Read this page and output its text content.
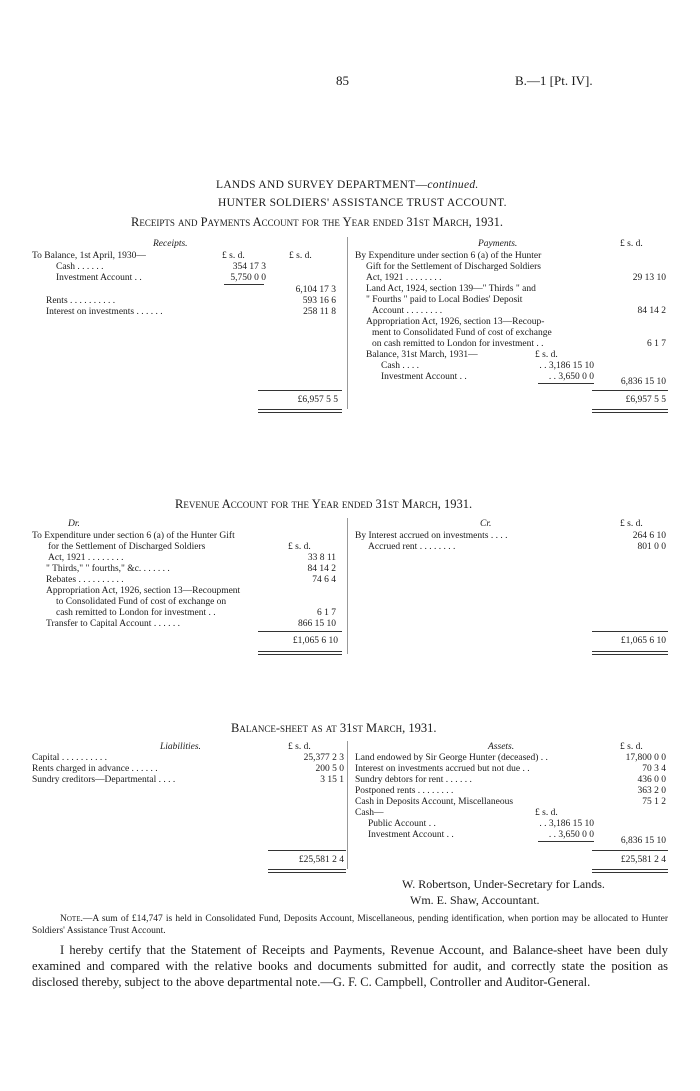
85	B.—1 [Pt. IV].
LANDS AND SURVEY DEPARTMENT—continued.
HUNTER SOLDIERS' ASSISTANCE TRUST ACCOUNT.
Receipts and Payments Account for the Year ended 31st March, 1931.
Receipts.
£ s. d.	£ s. d.
To Balance, 1st April, 1930—
Cash . . . . . .	354 17 3
Investment Account . .	5,750 0 0
6,104 17 3
Rents . . . . . . . . . .	593 16 6
Interest on investments . . . . . .	258 11 8
£6,957 5 5
Payments.	£ s. d.
By Expenditure under section 6 (a) of the Hunter
Gift for the Settlement of Discharged Soldiers
Act, 1921 . . . . . . . .	29 13 10
Land Act, 1924, section 139—" Thirds " and
" Fourths " paid to Local Bodies' Deposit
Account . . . . . . . .	84 14 2
Appropriation Act, 1926, section 13—Recoup-
ment to Consolidated Fund of cost of exchange
on cash remitted to London for investment . .	6 1 7
Balance, 31st March, 1931—	£ s. d.
Cash . . . .	. . 3,186 15 10
Investment Account . .	. . 3,650 0 0	6,836 15 10
£6,957 5 5
Revenue Account for the Year ended 31st March, 1931.
Dr.
To Expenditure under section 6 (a) of the Hunter Gift
for the Settlement of Discharged Soldiers	£ s. d.
Act, 1921 . . . . . . . .	33 8 11
" Thirds," " fourths," &c. . . . . . .	84 14 2
Rebates . . . . . . . . . .	74 6 4
Appropriation Act, 1926, section 13—Recoupment
to Consolidated Fund of cost of exchange on
cash remitted to London for investment . .	6 1 7
Transfer to Capital Account . . . . . .	866 15 10
£1,065 6 10
Cr.	£ s. d.
By Interest accrued on investments . . . .	264 6 10
Accrued rent . . . . . . . .	801 0 0
£1,065 6 10
Balance-sheet as at 31st March, 1931.
Liabilities.	£ s. d.
Capital . . . . . . . . . .	25,377 2 3
Rents charged in advance . . . . . .	200 5 0
Sundry creditors—Departmental . . . .	3 15 1
£25,581 2 4
Assets.	£ s. d.
Land endowed by Sir George Hunter (deceased) . .	17,800 0 0
Interest on investments accrued but not due . .	70 3 4
Sundry debtors for rent . . . . . .	436 0 0
Postponed rents . . . . . . . .	363 2 0
Cash in Deposits Account, Miscellaneous	75 1 2
Cash—	£ s. d.
Public Account . .	. . 3,186 15 10
Investment Account . .	. . 3,650 0 0
6,836 15 10
£25,581 2 4
W. Robertson, Under-Secretary for Lands.
Wm. E. Shaw, Accountant.
Note.—A sum of £14,747 is held in Consolidated Fund, Deposits Account, Miscellaneous, pending identification, when portion may be allocated to Hunter Soldiers' Assistance Trust Account.
I hereby certify that the Statement of Receipts and Payments, Revenue Account, and Balance-sheet have been duly examined and compared with the relative books and documents submitted for audit, and correctly state the position as disclosed thereby, subject to the above departmental note.—G. F. C. Campbell, Controller and Auditor-General.
